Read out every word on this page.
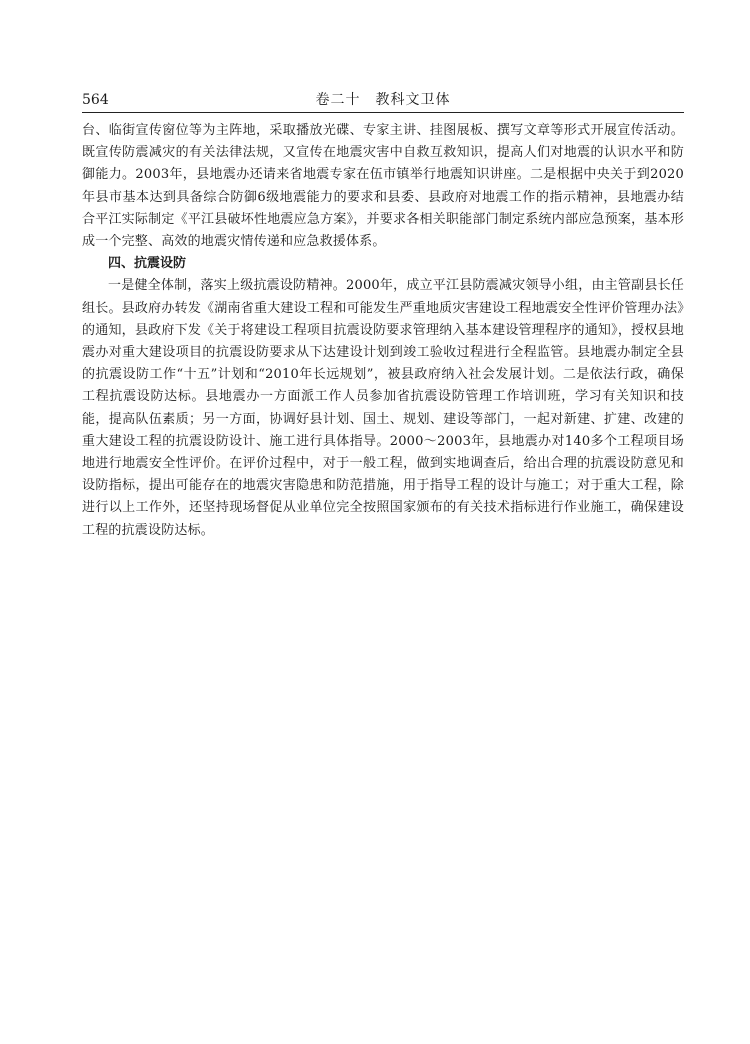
564	卷二十　教科文卫体

台、临街宣传窗位等为主阵地，采取播放光碟、专家主讲、挂图展板、撰写文章等形式开展宣传活动。既宣传防震减灾的有关法律法规，又宣传在地震灾害中自救互救知识，提高人们对地震的认识水平和防御能力。2003年，县地震办还请来省地震专家在伍市镇举行地震知识讲座。二是根据中央关于到2020年县市基本达到具备综合防御6级地震能力的要求和县委、县政府对地震工作的指示精神，县地震办结合平江实际制定《平江县破坏性地震应急方案》，并要求各相关职能部门制定系统内部应急预案，基本形成一个完整、高效的地震灾情传递和应急救援体系。

四、抗震设防

一是健全体制，落实上级抗震设防精神。2000年，成立平江县防震减灾领导小组，由主管副县长任组长。县政府办转发《湖南省重大建设工程和可能发生严重地质灾害建设工程地震安全性评价管理办法》的通知，县政府下发《关于将建设工程项目抗震设防要求管理纳入基本建设管理程序的通知》，授权县地震办对重大建设项目的抗震设防要求从下达建设计划到竣工验收过程进行全程监管。县地震办制定全县的抗震设防工作“十五”计划和“2010年长远规划”，被县政府纳入社会发展计划。二是依法行政，确保工程抗震设防达标。县地震办一方面派工作人员参加省抗震设防管理工作培训班，学习有关知识和技能，提高队伍素质；另一方面，协调好县计划、国土、规划、建设等部门，一起对新建、扩建、改建的重大建设工程的抗震设防设计、施工进行具体指导。2000～2003年，县地震办对140多个工程项目场地进行地震安全性评价。在评价过程中，对于一般工程，做到实地调查后，给出合理的抗震设防意见和设防指标，提出可能存在的地震灾害隐患和防范措施，用于指导工程的设计与施工；对于重大工程，除进行以上工作外，还坚持现场督促从业单位完全按照国家颁布的有关技术指标进行作业施工，确保建设工程的抗震设防达标。
